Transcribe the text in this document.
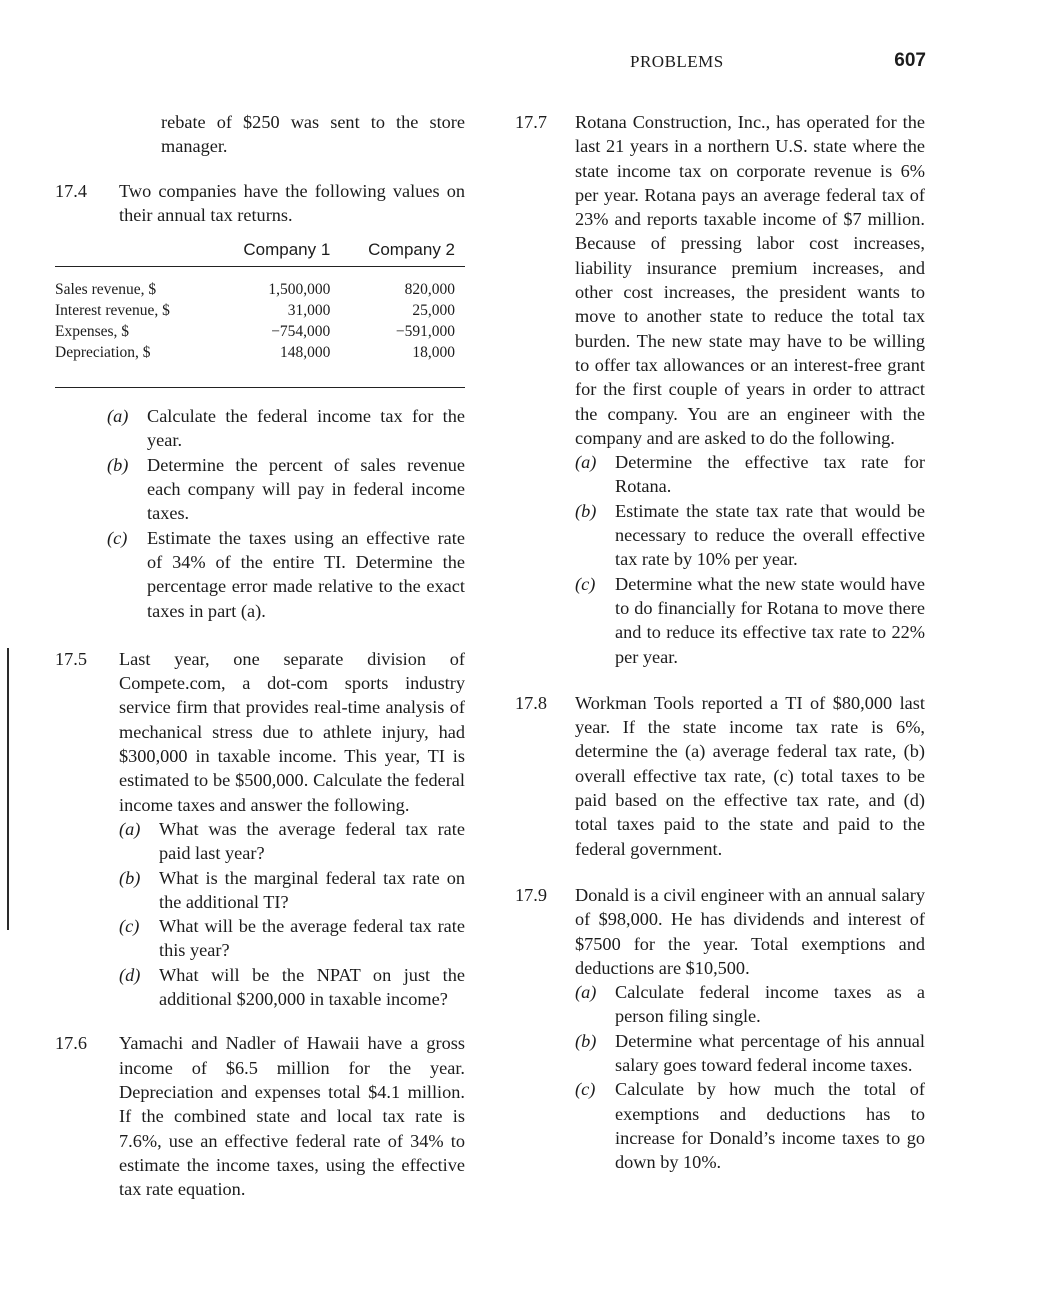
PROBLEMS	607
rebate of $250 was sent to the store manager.
17.4 Two companies have the following values on their annual tax returns.
	Company 1	Company 2
Sales revenue, $	1,500,000	820,000
Interest revenue, $	31,000	25,000
Expenses, $	−754,000	−591,000
Depreciation, $	148,000	18,000
(a) Calculate the federal income tax for the year.
(b) Determine the percent of sales revenue each company will pay in federal income taxes.
(c) Estimate the taxes using an effective rate of 34% of the entire TI. Determine the percentage error made relative to the exact taxes in part (a).
17.5 Last year, one separate division of Compete.com, a dot-com sports industry service firm that provides real-time analysis of mechanical stress due to athlete injury, had $300,000 in taxable income. This year, TI is estimated to be $500,000. Calculate the federal income taxes and answer the following.
(a) What was the average federal tax rate paid last year?
(b) What is the marginal federal tax rate on the additional TI?
(c) What will be the average federal tax rate this year?
(d) What will be the NPAT on just the additional $200,000 in taxable income?
17.6 Yamachi and Nadler of Hawaii have a gross income of $6.5 million for the year. Depreciation and expenses total $4.1 million. If the combined state and local tax rate is 7.6%, use an effective federal rate of 34% to estimate the income taxes, using the effective tax rate equation.
17.7 Rotana Construction, Inc., has operated for the last 21 years in a northern U.S. state where the state income tax on corporate revenue is 6% per year. Rotana pays an average federal tax of 23% and reports taxable income of $7 million. Because of pressing labor cost increases, liability insurance premium increases, and other cost increases, the president wants to move to another state to reduce the total tax burden. The new state may have to be willing to offer tax allowances or an interest-free grant for the first couple of years in order to attract the company. You are an engineer with the company and are asked to do the following.
(a) Determine the effective tax rate for Rotana.
(b) Estimate the state tax rate that would be necessary to reduce the overall effective tax rate by 10% per year.
(c) Determine what the new state would have to do financially for Rotana to move there and to reduce its effective tax rate to 22% per year.
17.8 Workman Tools reported a TI of $80,000 last year. If the state income tax rate is 6%, determine the (a) average federal tax rate, (b) overall effective tax rate, (c) total taxes to be paid based on the effective tax rate, and (d) total taxes paid to the state and paid to the federal government.
17.9 Donald is a civil engineer with an annual salary of $98,000. He has dividends and interest of $7500 for the year. Total exemptions and deductions are $10,500.
(a) Calculate federal income taxes as a person filing single.
(b) Determine what percentage of his annual salary goes toward federal income taxes.
(c) Calculate by how much the total of exemptions and deductions has to increase for Donald’s income taxes to go down by 10%.
